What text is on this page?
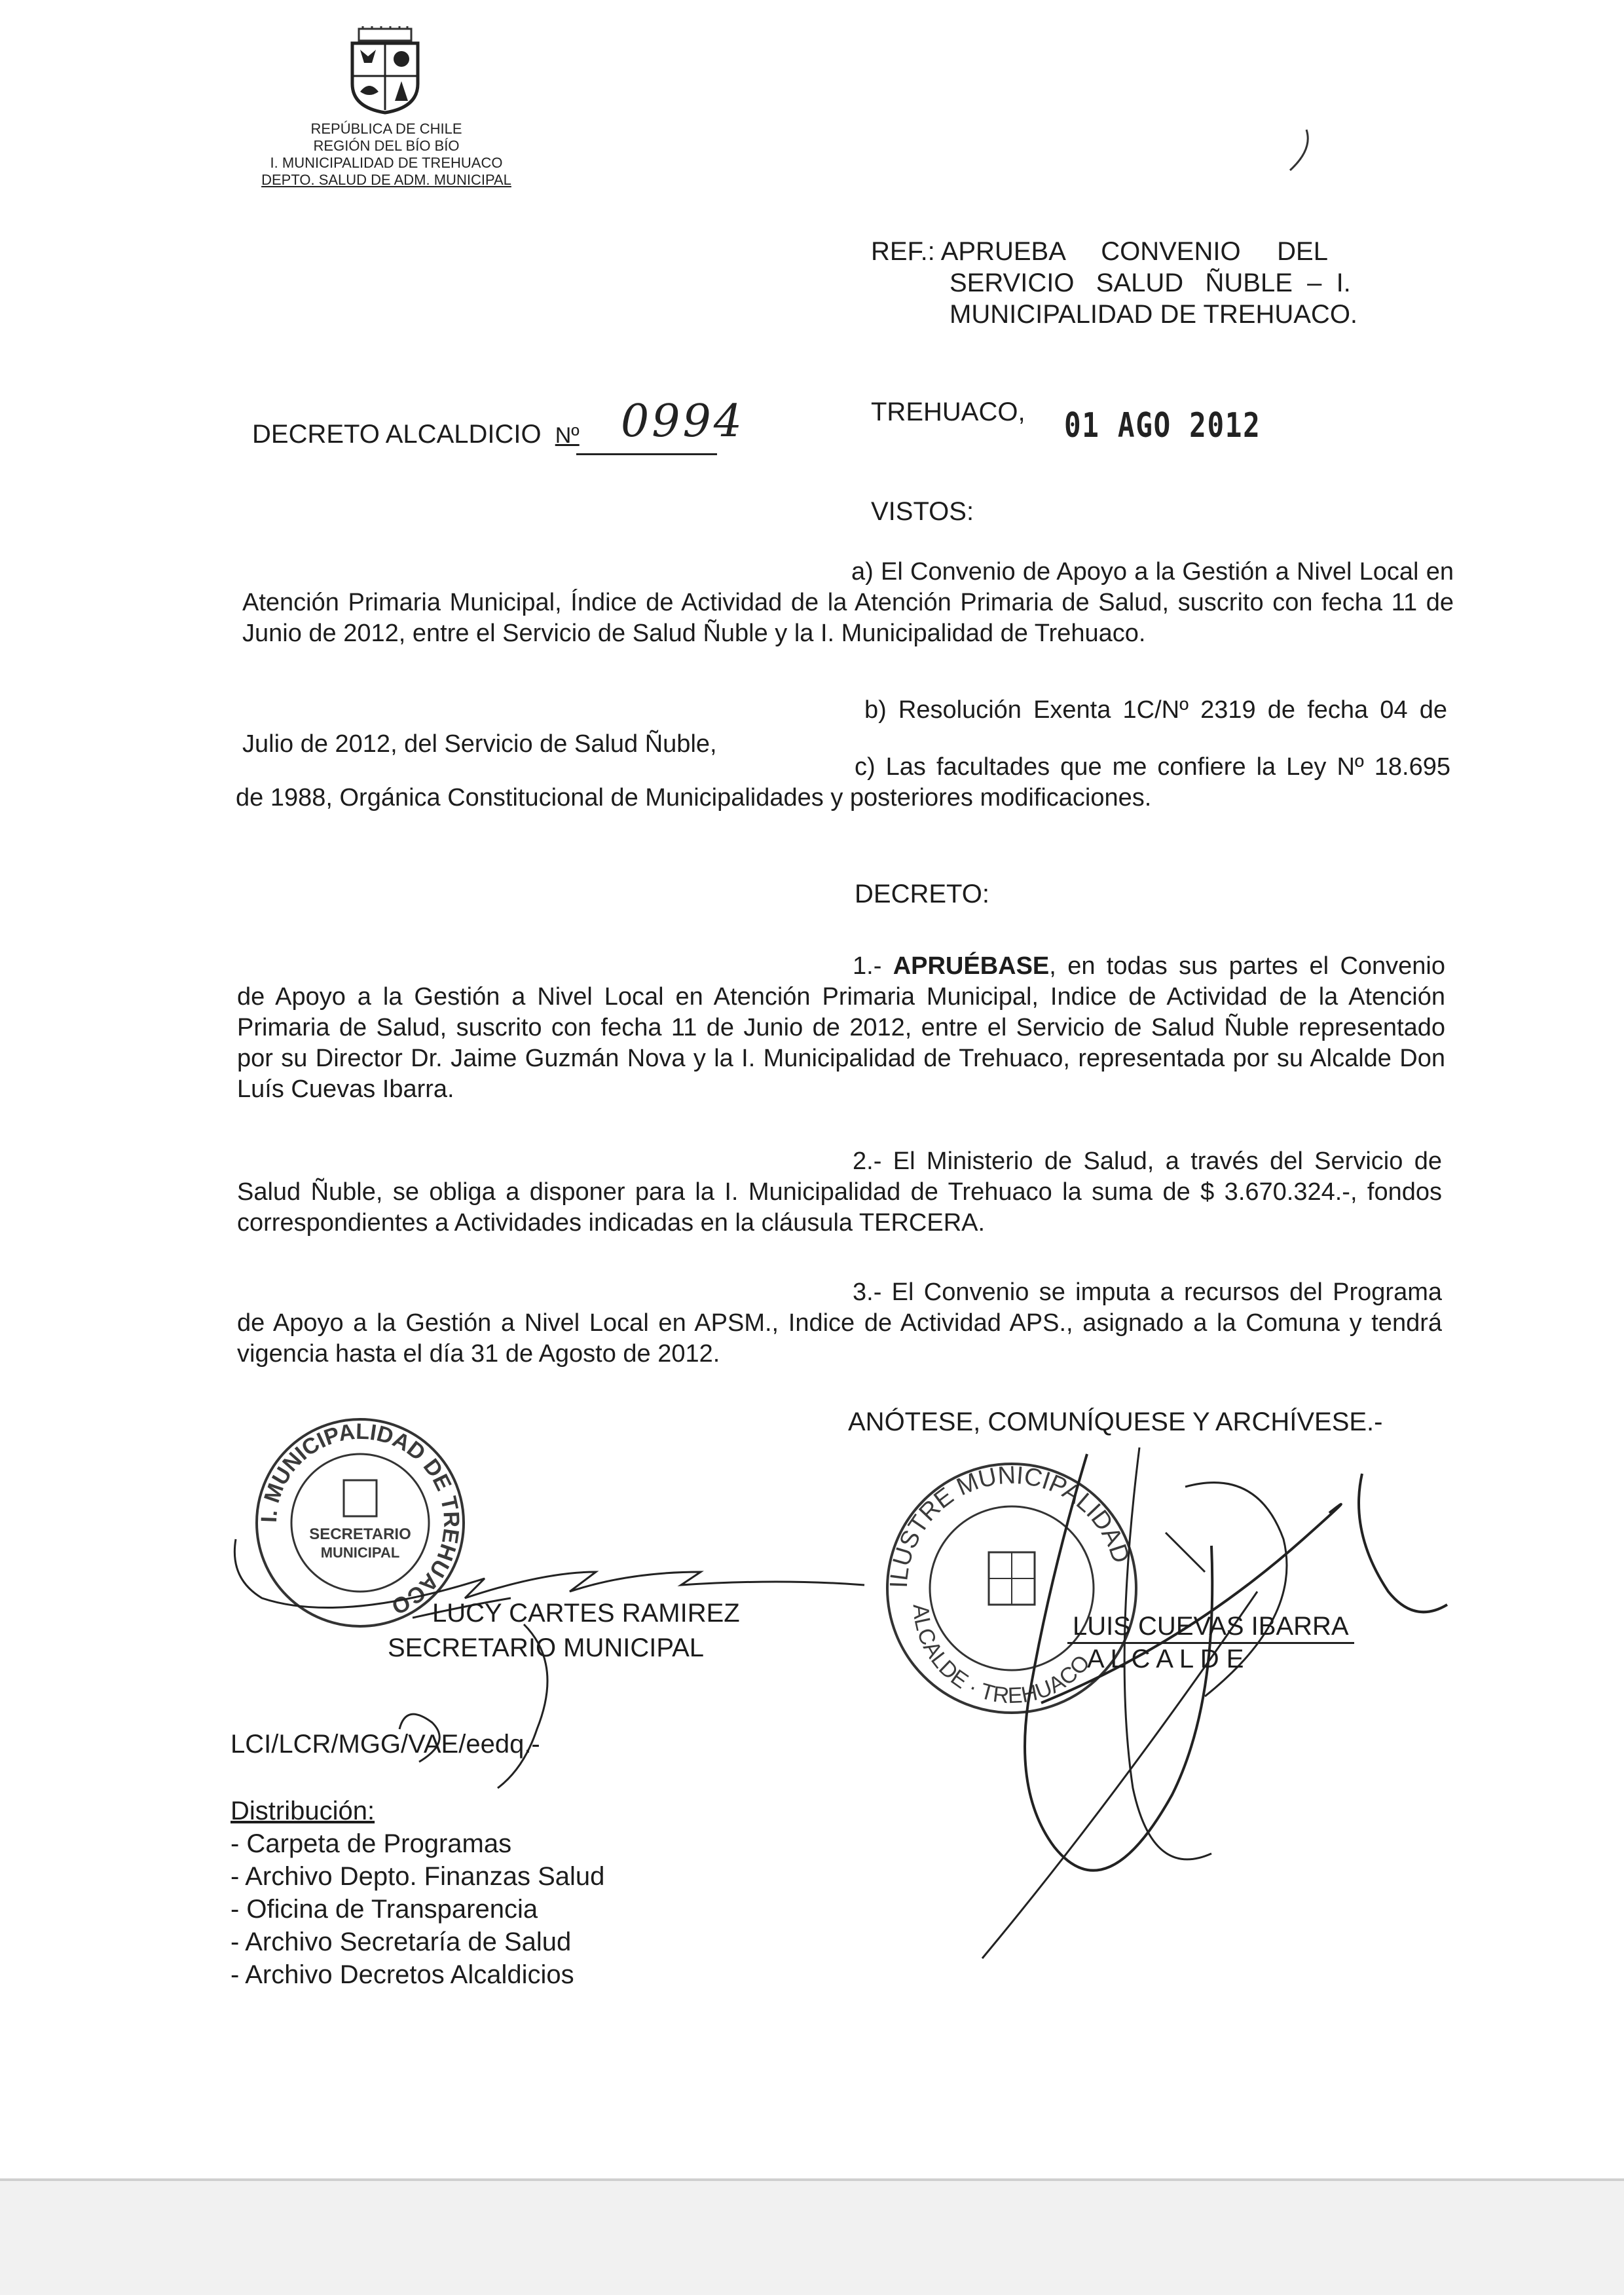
REPÚBLICA DE CHILE
REGIÓN DEL BÍO BÍO
I. MUNICIPALIDAD DE TREHUACO
DEPTO. SALUD DE ADM. MUNICIPAL
REF.: APRUEBA     CONVENIO     DEL
SERVICIO   SALUD   ÑUBLE  –  I.
MUNICIPALIDAD DE TREHUACO.
DECRETO ALCALDICIO Nº 0994	TREHUACO, 01 AGO 2012
VISTOS:
a) El Convenio de Apoyo a la Gestión a Nivel Local en Atención Primaria Municipal, Índice de Actividad de la Atención Primaria de Salud, suscrito con fecha 11 de Junio de 2012, entre el Servicio de Salud Ñuble y la I. Municipalidad de Trehuaco.
b) Resolución Exenta 1C/Nº 2319 de fecha 04 de Julio de 2012, del Servicio de Salud Ñuble,
c) Las facultades que me confiere la Ley Nº 18.695 de 1988, Orgánica Constitucional de Municipalidades y posteriores modificaciones.
DECRETO:
1.- APRUÉBASE, en todas sus partes el Convenio de Apoyo a la Gestión a Nivel Local en Atención Primaria Municipal, Indice de Actividad de la Atención Primaria de Salud, suscrito con fecha 11 de Junio de 2012, entre el Servicio de Salud Ñuble representado por su Director Dr. Jaime Guzmán Nova y la I. Municipalidad de Trehuaco, representada por su Alcalde Don Luís Cuevas Ibarra.
2.- El Ministerio de Salud, a través del Servicio de Salud Ñuble, se obliga a disponer para la I. Municipalidad de Trehuaco la suma de $ 3.670.324.-, fondos correspondientes a Actividades indicadas en la cláusula TERCERA.
3.- El Convenio se imputa a recursos del Programa de Apoyo a la Gestión a Nivel Local en APSM., Indice de Actividad APS., asignado a la Comuna y tendrá vigencia hasta el día 31 de Agosto de 2012.
ANÓTESE, COMUNÍQUESE Y ARCHÍVESE.-
I. MUNICIPALIDAD DE TREHUACO
SECRETARIO
MUNICIPAL
LUCY CARTES RAMIREZ
SECRETARIO MUNICIPAL
ILUSTRE MUNICIPALIDAD
ALCALDE · TREHUACO
LUIS CUEVAS IBARRA
A L C A L D E
LCI/LCR/MGG/VAE/eedq.-
Distribución:
- Carpeta de Programas
- Archivo Depto. Finanzas Salud
- Oficina de Transparencia
- Archivo Secretaría de Salud
- Archivo Decretos Alcaldicios
